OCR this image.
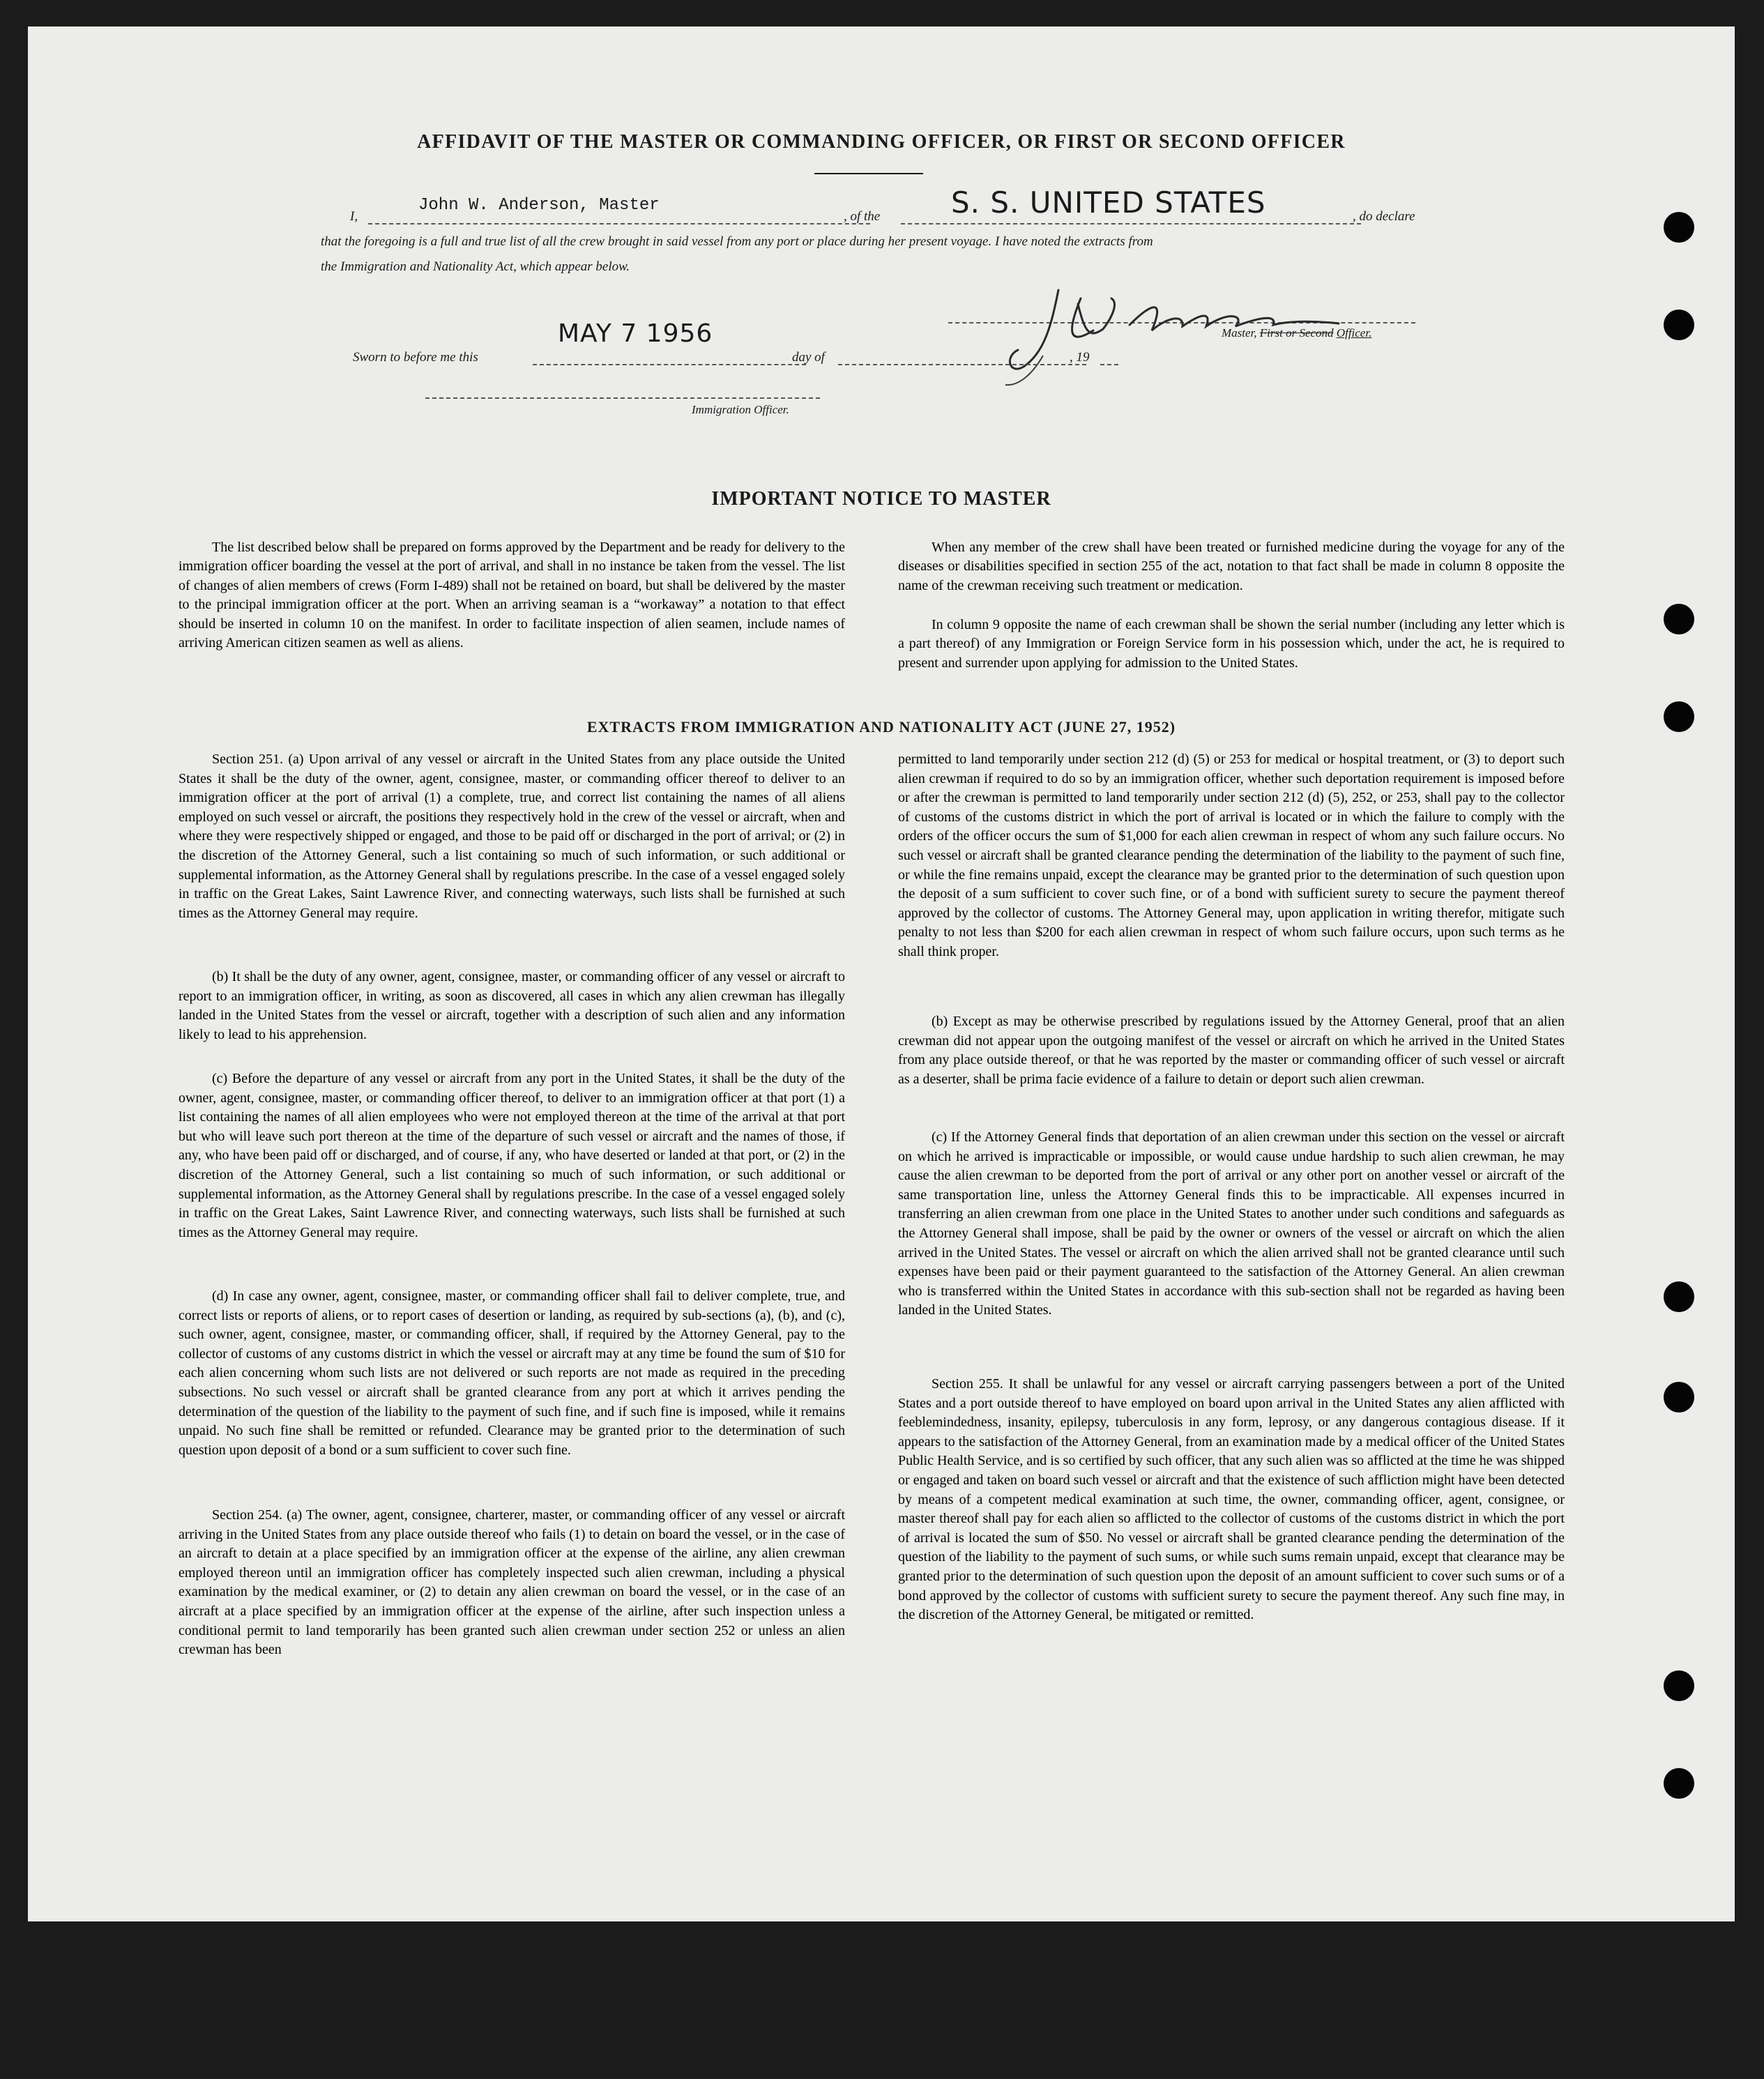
AFFIDAVIT OF THE MASTER OR COMMANDING OFFICER, OR FIRST OR SECOND OFFICER
I,
John W. Anderson, Master
, of the S. S. UNITED STATES	, do declare
that the foregoing is a full and true list of all the crew brought in said vessel from any port or place during her present voyage. I have noted the extracts from
the Immigration and Nationality Act, which appear below.
Master, First or Second Officer.
MAY 7 1956
Sworn to before me this	day of	, 19
Immigration Officer.
IMPORTANT NOTICE TO MASTER

The list described below shall be prepared on forms approved by the Department and be ready for delivery to the immigration officer boarding the vessel at the port of arrival, and shall in no instance be taken from the vessel. The list of changes of alien members of crews (Form I-489) shall not be retained on board, but shall be delivered by the master to the principal immigration officer at the port. When an arriving seaman is a “workaway” a notation to that effect should be inserted in column 10 on the manifest. In order to facilitate inspection of alien seamen, include names of arriving American citizen seamen as well as aliens.

When any member of the crew shall have been treated or furnished medicine during the voyage for any of the diseases or disabilities specified in section 255 of the act, notation to that fact shall be made in column 8 opposite the name of the crewman receiving such treatment or medication.

In column 9 opposite the name of each crewman shall be shown the serial number (including any letter which is a part thereof) of any Immigration or Foreign Service form in his possession which, under the act, he is required to present and surrender upon applying for admission to the United States.

EXTRACTS FROM IMMIGRATION AND NATIONALITY ACT (JUNE 27, 1952)

Section 251. (a) Upon arrival of any vessel or aircraft in the United States from any place outside the United States it shall be the duty of the owner, agent, consignee, master, or commanding officer thereof to deliver to an immigration officer at the port of arrival (1) a complete, true, and correct list containing the names of all aliens employed on such vessel or aircraft, the positions they respectively hold in the crew of the vessel or aircraft, when and where they were respectively shipped or engaged, and those to be paid off or discharged in the port of arrival; or (2) in the discretion of the Attorney General, such a list containing so much of such information, or such additional or supplemental information, as the Attorney General shall by regulations prescribe. In the case of a vessel engaged solely in traffic on the Great Lakes, Saint Lawrence River, and connecting waterways, such lists shall be furnished at such times as the Attorney General may require.

(b) It shall be the duty of any owner, agent, consignee, master, or commanding officer of any vessel or aircraft to report to an immigration officer, in writing, as soon as discovered, all cases in which any alien crewman has illegally landed in the United States from the vessel or aircraft, together with a description of such alien and any information likely to lead to his apprehension.

(c) Before the departure of any vessel or aircraft from any port in the United States, it shall be the duty of the owner, agent, consignee, master, or commanding officer thereof, to deliver to an immigration officer at that port (1) a list containing the names of all alien employees who were not employed thereon at the time of the arrival at that port but who will leave such port thereon at the time of the departure of such vessel or aircraft and the names of those, if any, who have been paid off or discharged, and of course, if any, who have deserted or landed at that port, or (2) in the discretion of the Attorney General, such a list containing so much of such information, or such additional or supplemental information, as the Attorney General shall by regulations prescribe. In the case of a vessel engaged solely in traffic on the Great Lakes, Saint Lawrence River, and connecting waterways, such lists shall be furnished at such times as the Attorney General may require.

(d) In case any owner, agent, consignee, master, or commanding officer shall fail to deliver complete, true, and correct lists or reports of aliens, or to report cases of desertion or landing, as required by sub-sections (a), (b), and (c), such owner, agent, consignee, master, or commanding officer, shall, if required by the Attorney General, pay to the collector of customs of any customs district in which the vessel or aircraft may at any time be found the sum of $10 for each alien concerning whom such lists are not delivered or such reports are not made as required in the preceding subsections. No such vessel or aircraft shall be granted clearance from any port at which it arrives pending the determination of the question of the liability to the payment of such fine, and if such fine is imposed, while it remains unpaid. No such fine shall be remitted or refunded. Clearance may be granted prior to the determination of such question upon deposit of a bond or a sum sufficient to cover such fine.

Section 254. (a) The owner, agent, consignee, charterer, master, or commanding officer of any vessel or aircraft arriving in the United States from any place outside thereof who fails (1) to detain on board the vessel, or in the case of an aircraft to detain at a place specified by an immigration officer at the expense of the airline, any alien crewman employed thereon until an immigration officer has completely inspected such alien crewman, including a physical examination by the medical examiner, or (2) to detain any alien crewman on board the vessel, or in the case of an aircraft at a place specified by an immigration officer at the expense of the airline, after such inspection unless a conditional permit to land temporarily has been granted such alien crewman under section 252 or unless an alien crewman has been

permitted to land temporarily under section 212 (d) (5) or 253 for medical or hospital treatment, or (3) to deport such alien crewman if required to do so by an immigration officer, whether such deportation requirement is imposed before or after the crewman is permitted to land temporarily under section 212 (d) (5), 252, or 253, shall pay to the collector of customs of the customs district in which the port of arrival is located or in which the failure to comply with the orders of the officer occurs the sum of $1,000 for each alien crewman in respect of whom any such failure occurs. No such vessel or aircraft shall be granted clearance pending the determination of the liability to the payment of such fine, or while the fine remains unpaid, except the clearance may be granted prior to the determination of such question upon the deposit of a sum sufficient to cover such fine, or of a bond with sufficient surety to secure the payment thereof approved by the collector of customs. The Attorney General may, upon application in writing therefor, mitigate such penalty to not less than $200 for each alien crewman in respect of whom such failure occurs, upon such terms as he shall think proper.

(b) Except as may be otherwise prescribed by regulations issued by the Attorney General, proof that an alien crewman did not appear upon the outgoing manifest of the vessel or aircraft on which he arrived in the United States from any place outside thereof, or that he was reported by the master or commanding officer of such vessel or aircraft as a deserter, shall be prima facie evidence of a failure to detain or deport such alien crewman.

(c) If the Attorney General finds that deportation of an alien crewman under this section on the vessel or aircraft on which he arrived is impracticable or impossible, or would cause undue hardship to such alien crewman, he may cause the alien crewman to be deported from the port of arrival or any other port on another vessel or aircraft of the same transportation line, unless the Attorney General finds this to be impracticable. All expenses incurred in transferring an alien crewman from one place in the United States to another under such conditions and safeguards as the Attorney General shall impose, shall be paid by the owner or owners of the vessel or aircraft on which the alien arrived in the United States. The vessel or aircraft on which the alien arrived shall not be granted clearance until such expenses have been paid or their payment guaranteed to the satisfaction of the Attorney General. An alien crewman who is transferred within the United States in accordance with this sub-section shall not be regarded as having been landed in the United States.

Section 255. It shall be unlawful for any vessel or aircraft carrying passengers between a port of the United States and a port outside thereof to have employed on board upon arrival in the United States any alien afflicted with feeblemindedness, insanity, epilepsy, tuberculosis in any form, leprosy, or any dangerous contagious disease. If it appears to the satisfaction of the Attorney General, from an examination made by a medical officer of the United States Public Health Service, and is so certified by such officer, that any such alien was so afflicted at the time he was shipped or engaged and taken on board such vessel or aircraft and that the existence of such affliction might have been detected by means of a competent medical examination at such time, the owner, commanding officer, agent, consignee, or master thereof shall pay for each alien so afflicted to the collector of customs of the customs district in which the port of arrival is located the sum of $50. No vessel or aircraft shall be granted clearance pending the determination of the question of the liability to the payment of such sums, or while such sums remain unpaid, except that clearance may be granted prior to the determination of such question upon the deposit of an amount sufficient to cover such sums or of a bond approved by the collector of customs with sufficient surety to secure the payment thereof. Any such fine may, in the discretion of the Attorney General, be mitigated or remitted.
